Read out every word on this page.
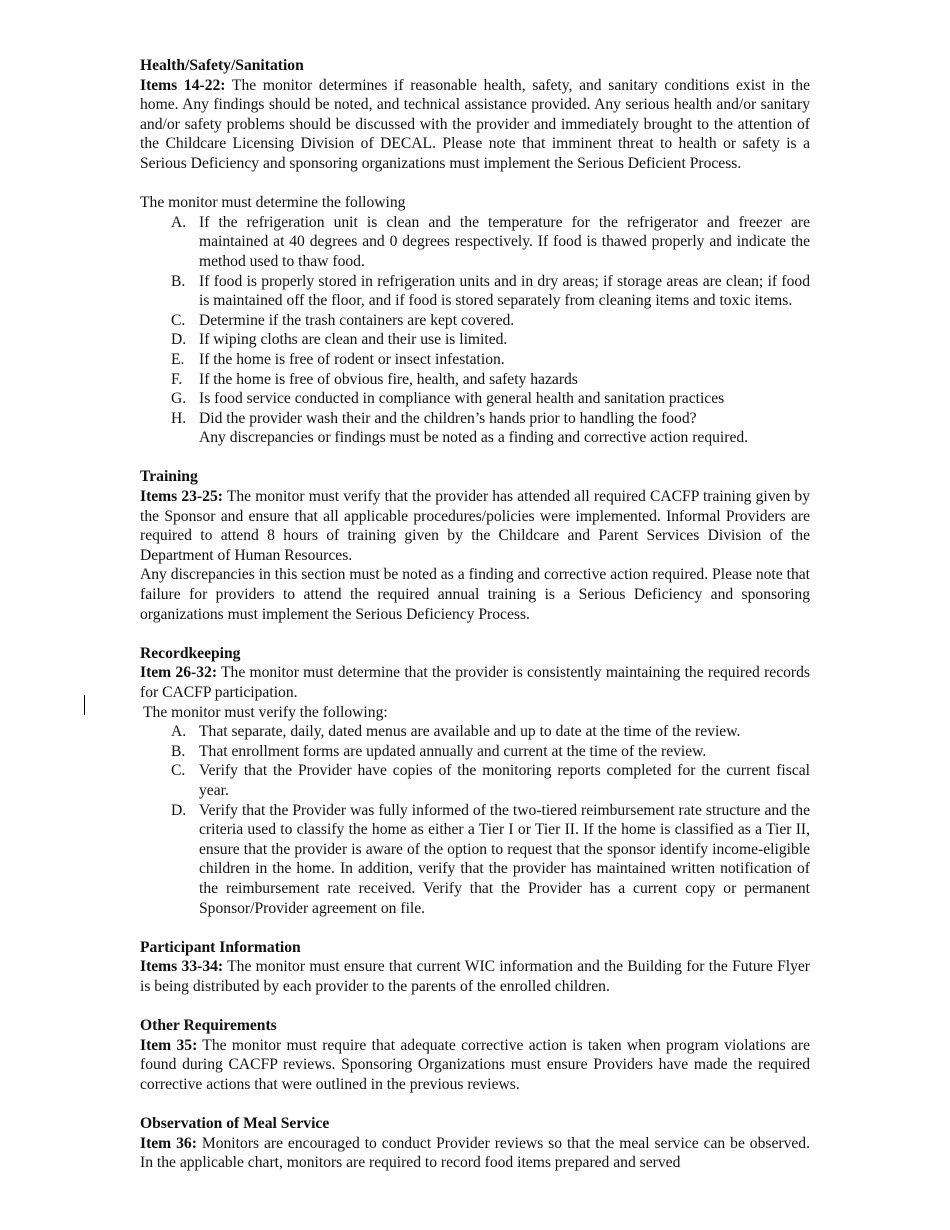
Health/Safety/Sanitation

Items 14-22: The monitor determines if reasonable health, safety, and sanitary conditions exist in the home. Any findings should be noted, and technical assistance provided. Any serious health and/or sanitary and/or safety problems should be discussed with the provider and immediately brought to the attention of the Childcare Licensing Division of DECAL. Please note that imminent threat to health or safety is a Serious Deficiency and sponsoring organizations must implement the Serious Deficient Process.

The monitor must determine the following

A. If the refrigeration unit is clean and the temperature for the refrigerator and freezer are maintained at 40 degrees and 0 degrees respectively. If food is thawed properly and indicate the method used to thaw food.
B. If food is properly stored in refrigeration units and in dry areas; if storage areas are clean; if food is maintained off the floor, and if food is stored separately from cleaning items and toxic items.
C. Determine if the trash containers are kept covered.
D. If wiping cloths are clean and their use is limited.
E. If the home is free of rodent or insect infestation.
F. If the home is free of obvious fire, health, and safety hazards
G. Is food service conducted in compliance with general health and sanitation practices
H. Did the provider wash their and the children’s hands prior to handling the food?

Any discrepancies or findings must be noted as a finding and corrective action required.

Training

Items 23-25: The monitor must verify that the provider has attended all required CACFP training given by the Sponsor and ensure that all applicable procedures/policies were implemented. Informal Providers are required to attend 8 hours of training given by the Childcare and Parent Services Division of the Department of Human Resources.

Any discrepancies in this section must be noted as a finding and corrective action required. Please note that failure for providers to attend the required annual training is a Serious Deficiency and sponsoring organizations must implement the Serious Deficiency Process.

Recordkeeping

Item 26-32: The monitor must determine that the provider is consistently maintaining the required records for CACFP participation.

The monitor must verify the following:

A. That separate, daily, dated menus are available and up to date at the time of the review.
B. That enrollment forms are updated annually and current at the time of the review.
C. Verify that the Provider have copies of the monitoring reports completed for the current fiscal year.
D. Verify that the Provider was fully informed of the two-tiered reimbursement rate structure and the criteria used to classify the home as either a Tier I or Tier II. If the home is classified as a Tier II, ensure that the provider is aware of the option to request that the sponsor identify income-eligible children in the home. In addition, verify that the provider has maintained written notification of the reimbursement rate received. Verify that the Provider has a current copy or permanent Sponsor/Provider agreement on file.
Participant Information

Items 33-34: The monitor must ensure that current WIC information and the Building for the Future Flyer is being distributed by each provider to the parents of the enrolled children.

Other Requirements

Item 35: The monitor must require that adequate corrective action is taken when program violations are found during CACFP reviews. Sponsoring Organizations must ensure Providers have made the required corrective actions that were outlined in the previous reviews.

Observation of Meal Service

Item 36: Monitors are encouraged to conduct Provider reviews so that the meal service can be observed. In the applicable chart, monitors are required to record food items prepared and served
